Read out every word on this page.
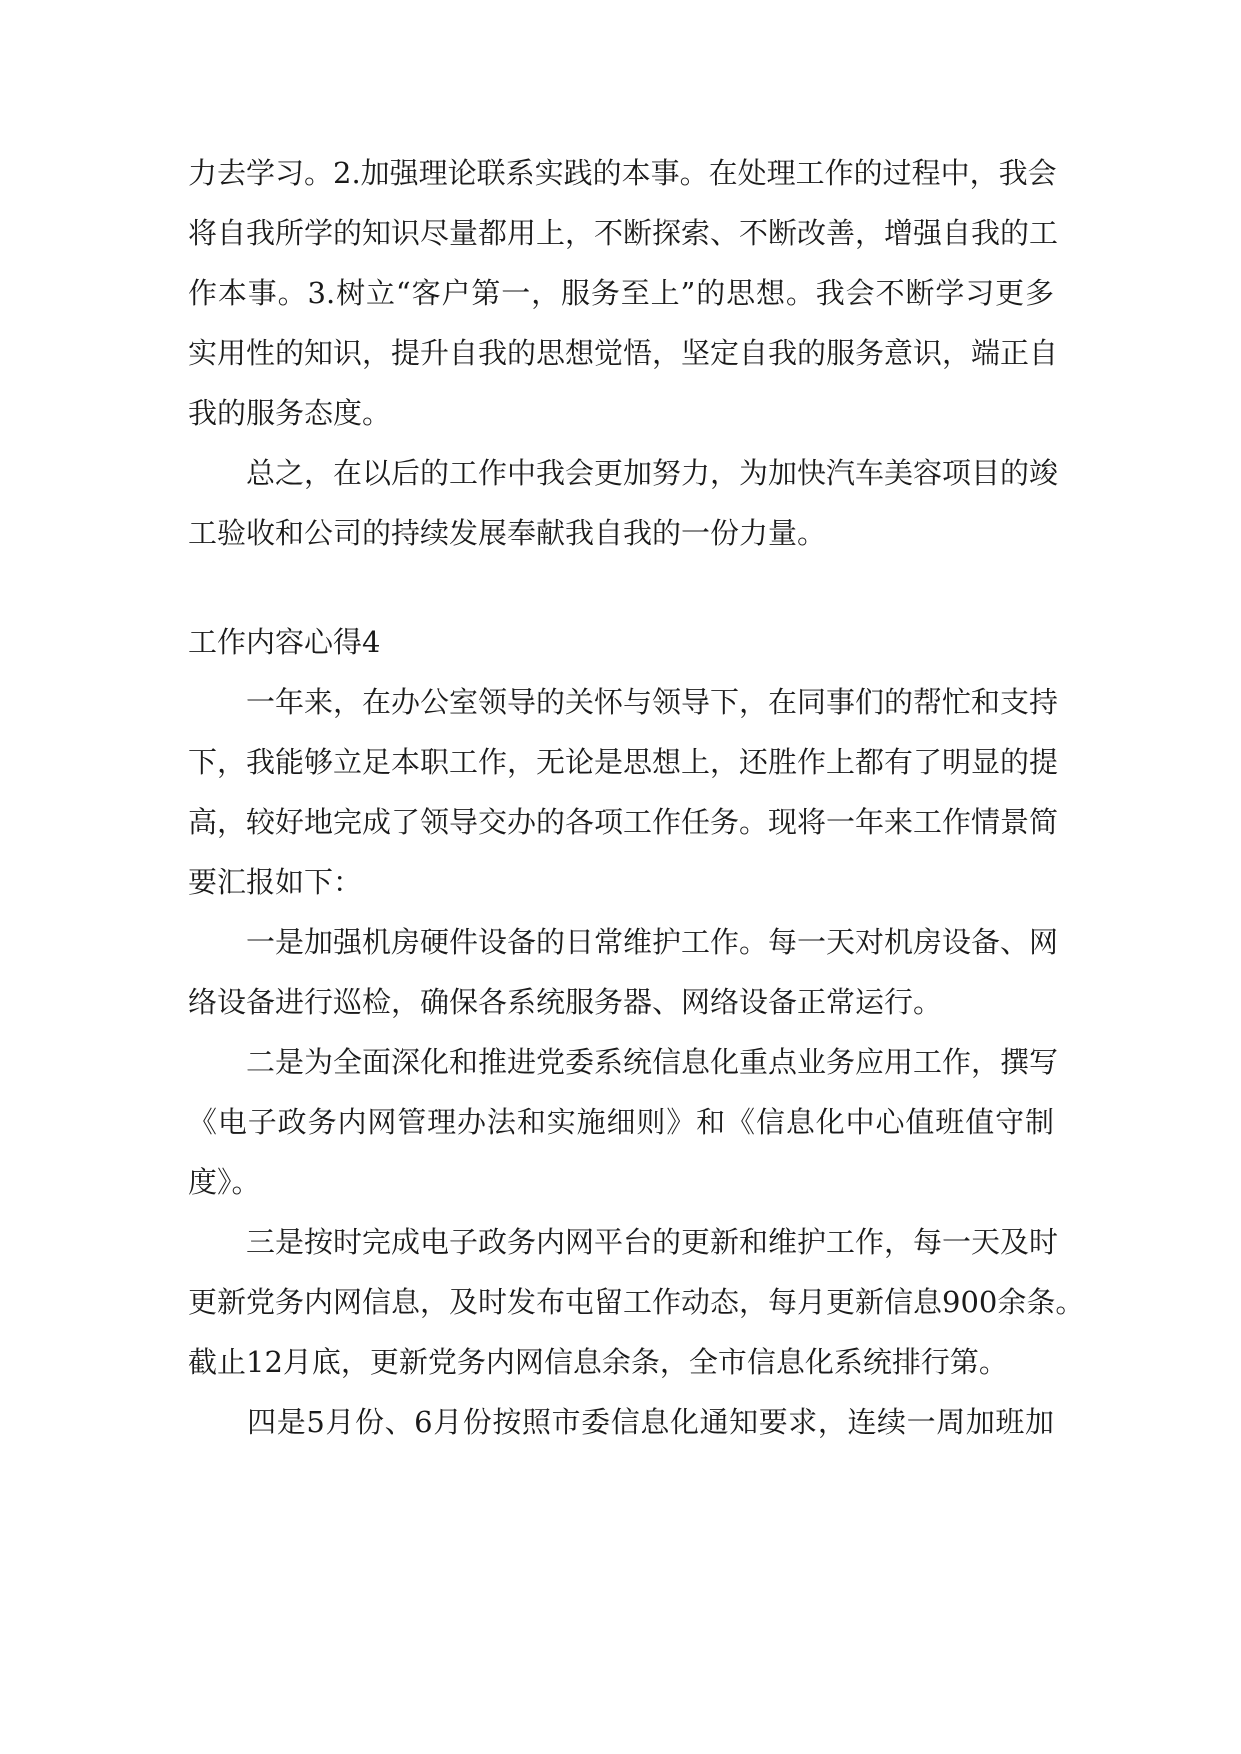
力去学习。2.加强理论联系实践的本事。在处理工作的过程中，我会
将自我所学的知识尽量都用上，不断探索、不断改善，增强自我的工
作本事。3.树立“客户第一，服务至上”的思想。我会不断学习更多
实用性的知识，提升自我的思想觉悟，坚定自我的服务意识，端正自
我的服务态度。
　　总之，在以后的工作中我会更加努力，为加快汽车美容项目的竣
工验收和公司的持续发展奉献我自我的一份力量。
工作内容心得4
　　一年来，在办公室领导的关怀与领导下，在同事们的帮忙和支持
下，我能够立足本职工作，无论是思想上，还胜作上都有了明显的提
高，较好地完成了领导交办的各项工作任务。现将一年来工作情景简
要汇报如下：
　　一是加强机房硬件设备的日常维护工作。每一天对机房设备、网
络设备进行巡检，确保各系统服务器、网络设备正常运行。
　　二是为全面深化和推进党委系统信息化重点业务应用工作，撰写
《电子政务内网管理办法和实施细则》和《信息化中心值班值守制
度》。
　　三是按时完成电子政务内网平台的更新和维护工作，每一天及时
更新党务内网信息，及时发布屯留工作动态，每月更新信息900余条。
截止12月底，更新党务内网信息余条，全市信息化系统排行第。
　　四是5月份、6月份按照市委信息化通知要求，连续一周加班加
